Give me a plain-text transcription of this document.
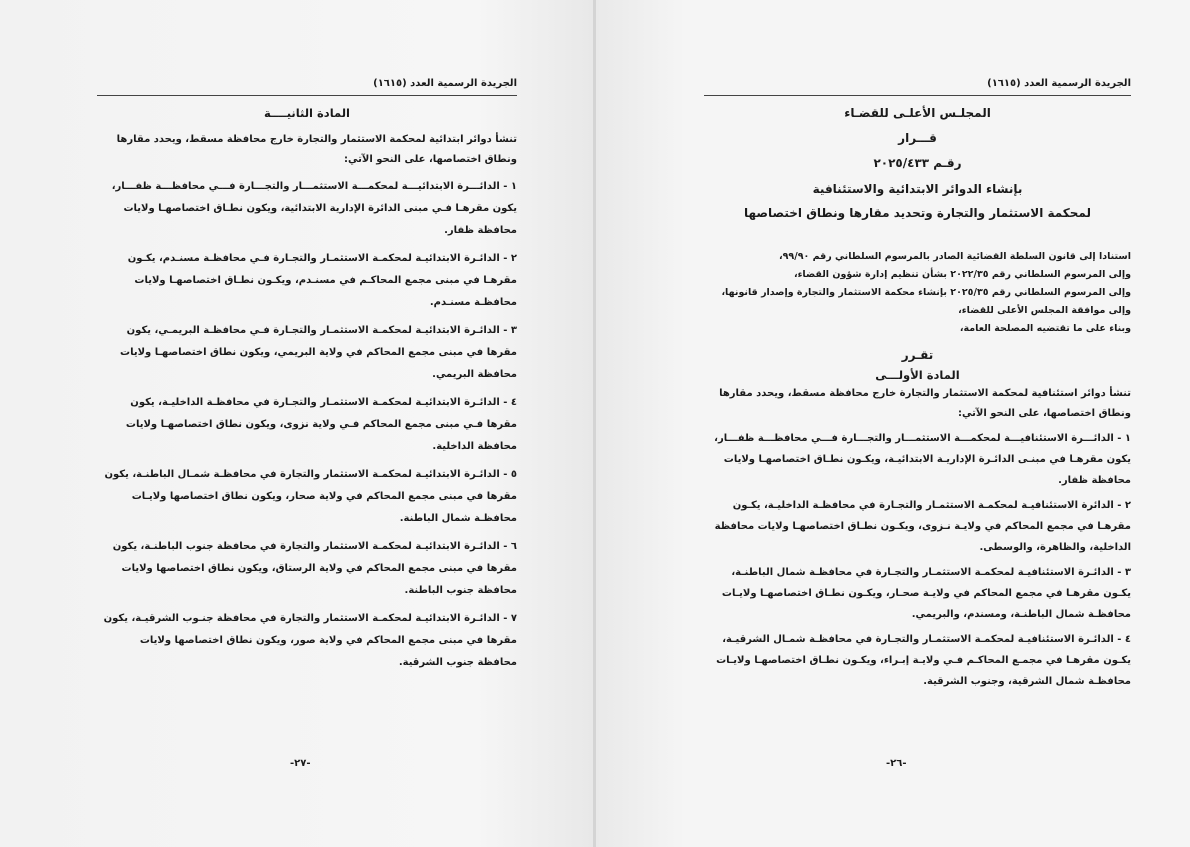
الجريدة الرسمية العدد (١٦١٥)
المادة الثانيــــة
تنشأ دوائر ابتدائية لمحكمة الاستثمار والتجارة خارج محافظة مسقط، ويحدد مقارها ونطاق اختصاصها، على النحو الآتي:
١ - الدائـــرة الابتدائيـــة لمحكمـــة الاستثمـــار والتجـــارة فـــي محافظـــة ظفـــار، يكون مقرهـا فـي مبنى الدائرة الإدارية الابتدائية، ويكون نطـاق اختصاصهـا ولايات محافظة ظفار.
٢ - الدائـرة الابتدائيـة لمحكمـة الاستثمـار والتجـارة فـي محافظـة مسنـدم، يكـون مقرهـا في مبنى مجمع المحاكـم في مسنـدم، ويكـون نطـاق اختصاصهـا ولايات محافظـة مسنـدم.
٣ - الدائـرة الابتدائيـة لمحكمـة الاستثمـار والتجـارة فـي محافظـة البريمـي، يكون مقرها في مبنى مجمع المحاكم في ولاية البريمي، ويكون نطاق اختصاصهـا ولايات محافظة البريمي.
٤ - الدائـرة الابتدائيـة لمحكمـة الاستثمـار والتجـارة في محافظـة الداخليـة، يكون مقرها فـي مبنى مجمع المحاكم فـي ولاية نزوى، ويكون نطاق اختصاصهـا ولايات محافظة الداخلية.
٥ - الدائـرة الابتدائيـة لمحكمـة الاستثمار والتجارة في محافظـة شمـال الباطنـة، يكون مقرها في مبنى مجمع المحاكم في ولاية صحار، ويكون نطاق اختصاصها ولايـات محافظـة شمال الباطنة.
٦ - الدائـرة الابتدائيـة لمحكمـة الاستثمار والتجارة في محافظة جنوب الباطنـة، يكون مقرها في مبنى مجمع المحاكم في ولاية الرستاق، ويكون نطاق اختصاصها ولايات محافظة جنوب الباطنة.
٧ - الدائـرة الابتدائيـة لمحكمـة الاستثمار والتجارة في محافظة جنـوب الشرقيـة، يكون مقرها في مبنى مجمع المحاكم في ولاية صور، ويكون نطاق اختصاصها ولايات محافظة جنوب الشرقية.
-٢٧-
الجريدة الرسمية العدد (١٦١٥)
المجلـس الأعلـى للقضـاء
قـــرار
رقـم ٢٠٢٥/٤٣٣
بإنشاء الدوائر الابتدائية والاستئنافية
لمحكمة الاستثمار والتجارة وتحديد مقارها ونطاق اختصاصها
استنادا إلى قانون السلطة القضائية الصادر بالمرسوم السلطاني رقم ٩٩/٩٠،
وإلى المرسوم السلطاني رقم ٢٠٢٢/٣٥ بشأن تنظيم إدارة شؤون القضاء،
وإلى المرسوم السلطاني رقم ٢٠٢٥/٣٥ بإنشاء محكمة الاستثمار والتجارة وإصدار قانونها،
وإلى موافقة المجلس الأعلى للقضاء،
وبناء على ما تقتضيه المصلحة العامة،
تقـرر
المادة الأولـــى
تنشأ دوائر استئنافية لمحكمة الاستثمار والتجارة خارج محافظة مسقط، ويحدد مقارها ونطاق اختصاصها، على النحو الآتي:
١ - الدائـــرة الاستئنافيـــة لمحكمـــة الاستثمـــار والتجـــارة فـــي محافظـــة ظفـــار، يكون مقرهـا في مبنـى الدائـرة الإداريـة الابتدائيـة، ويكـون نطـاق اختصاصهـا ولايات محافظة ظفار.
٢ - الدائرة الاستئنافيـة لمحكمـة الاستثمـار والتجـارة في محافظـة الداخليـة، يكـون مقرهـا في مجمع المحاكم في ولايـة نـزوى، ويكـون نطـاق اختصاصهـا ولايات محافظة الداخلية، والظاهرة، والوسطى.
٣ - الدائـرة الاستئنافيـة لمحكمـة الاستثمـار والتجـارة في محافظـة شمال الباطنـة، يكـون مقرهـا في مجمع المحاكم في ولايـة صحـار، ويكـون نطـاق اختصاصهـا ولايـات محافظـة شمال الباطنـة، ومسندم، والبريمي.
٤ - الدائـرة الاستئنافيـة لمحكمـة الاستثمـار والتجـارة في محافظـة شمـال الشرقيـة، يكـون مقرهـا في مجمـع المحاكـم فـي ولايـة إبـراء، ويكـون نطـاق اختصاصهـا ولايـات محافظـة شمال الشرقية، وجنوب الشرقية.
-٢٦-
